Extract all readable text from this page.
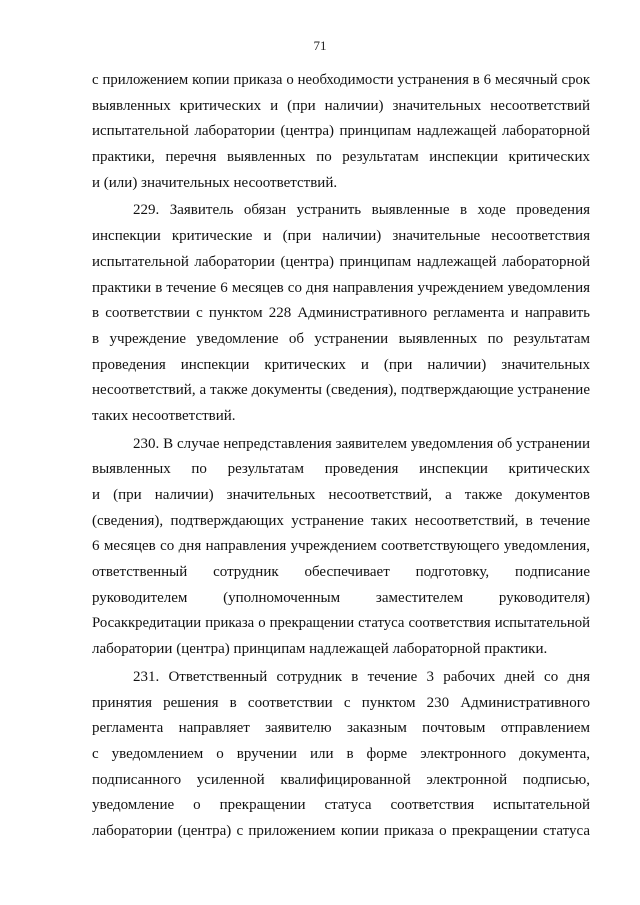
71
с приложением копии приказа о необходимости устранения в 6 месячный срок
выявленных критических и (при наличии) значительных несоответствий
испытательной лаборатории (центра) принципам надлежащей лабораторной
практики, перечня выявленных по результатам инспекции критических
и (или) значительных несоответствий.
229. Заявитель обязан устранить выявленные в ходе проведения
инспекции критические и (при наличии) значительные несоответствия
испытательной лаборатории (центра) принципам надлежащей лабораторной
практики в течение 6 месяцев со дня направления учреждением уведомления
в соответствии с пунктом 228 Административного регламента и направить
в учреждение уведомление об устранении выявленных по результатам
проведения инспекции критических и (при наличии) значительных
несоответствий, а также документы (сведения), подтверждающие устранение
таких несоответствий.
230. В случае непредставления заявителем уведомления об устранении
выявленных по результатам проведения инспекции критических
и (при наличии) значительных несоответствий, а также документов
(сведения), подтверждающих устранение таких несоответствий, в течение
6 месяцев со дня направления учреждением соответствующего уведомления,
ответственный сотрудник обеспечивает подготовку, подписание
руководителем (уполномоченным заместителем руководителя)
Росаккредитации приказа о прекращении статуса соответствия испытательной
лаборатории (центра) принципам надлежащей лабораторной практики.
231. Ответственный сотрудник в течение 3 рабочих дней со дня
принятия решения в соответствии с пунктом 230 Административного
регламента направляет заявителю заказным почтовым отправлением
с уведомлением о вручении или в форме электронного документа,
подписанного усиленной квалифицированной электронной подписью,
уведомление о прекращении статуса соответствия испытательной
лаборатории (центра) с приложением копии приказа о прекращении статуса
